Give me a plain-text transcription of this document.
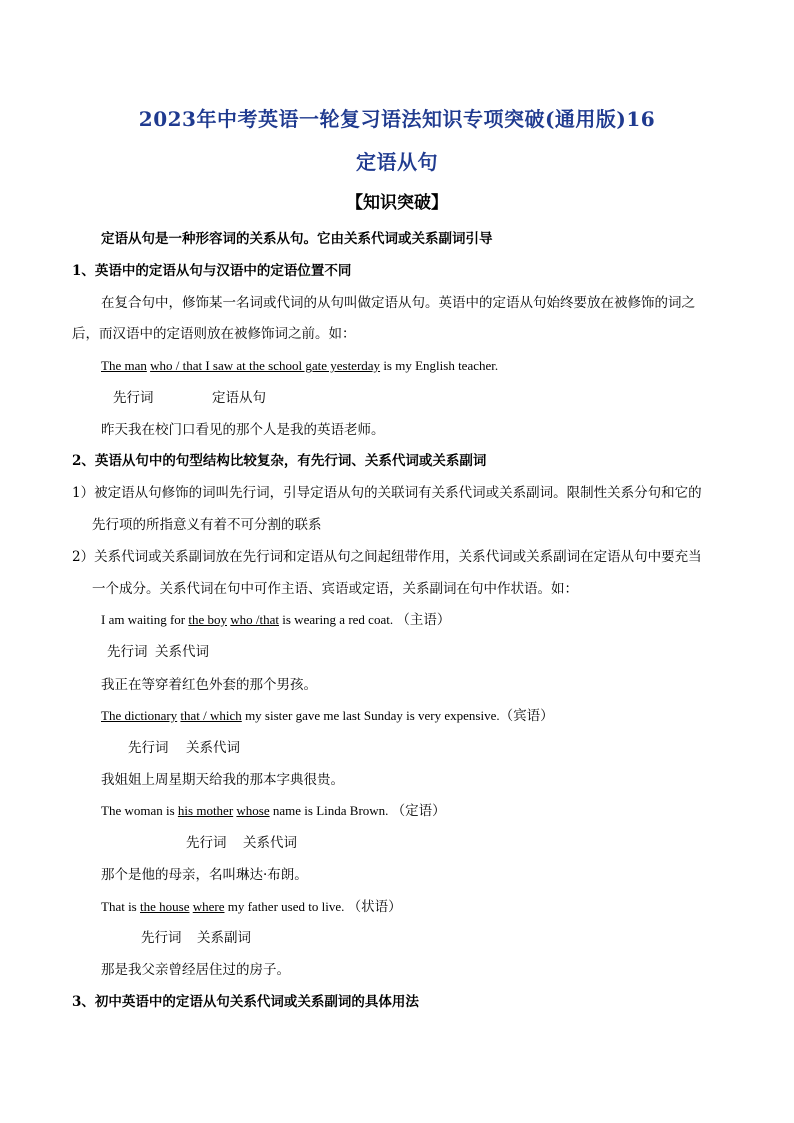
2023年中考英语一轮复习语法知识专项突破(通用版)16
定语从句
【知识突破】
定语从句是一种形容词的关系从句。它由关系代词或关系副词引导
1、英语中的定语从句与汉语中的定语位置不同
在复合句中，修饰某一名词或代词的从句叫做定语从句。英语中的定语从句始终要放在被修饰的词之
后，而汉语中的定语则放在被修饰词之前。如：
The man who / that I saw at the school gate yesterday is my English teacher.
先行词	定语从句
昨天我在校门口看见的那个人是我的英语老师。
2、英语从句中的句型结构比较复杂，有先行词、关系代词或关系副词
1）被定语从句修饰的词叫先行词，引导定语从句的关联词有关系代词或关系副词。限制性关系分句和它的
先行项的所指意义有着不可分割的联系
2）关系代词或关系副词放在先行词和定语从句之间起纽带作用，关系代词或关系副词在定语从句中要充当
一个成分。关系代词在句中可作主语、宾语或定语，关系副词在句中作状语。如：
I am waiting for the boy who /that is wearing a red coat. （主语）
先行词 关系代词
我正在等穿着红色外套的那个男孩。
The dictionary that / which my sister gave me last Sunday is very expensive.（宾语）
先行词 关系代词
我姐姐上周星期天给我的那本字典很贵。
The woman is his mother whose name is Linda Brown. （定语）
先行词 关系代词
那个是他的母亲，名叫琳达·布朗。
That is the house where my father used to live. （状语）
先行词 关系副词
那是我父亲曾经居住过的房子。
3、初中英语中的定语从句关系代词或关系副词的具体用法
